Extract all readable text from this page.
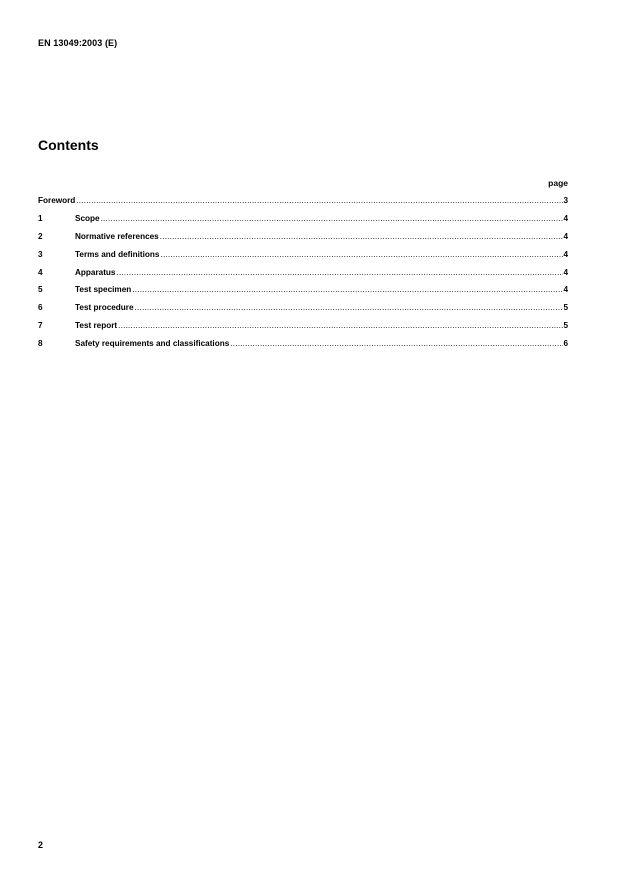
EN 13049:2003 (E)
Contents
page
Foreword .....	3
1	Scope .....	4
2	Normative references .....	4
3	Terms and definitions .....	4
4	Apparatus .....	4
5	Test specimen .....	4
6	Test procedure .....	5
7	Test report .....	5
8	Safety requirements and classifications .....	6
2
